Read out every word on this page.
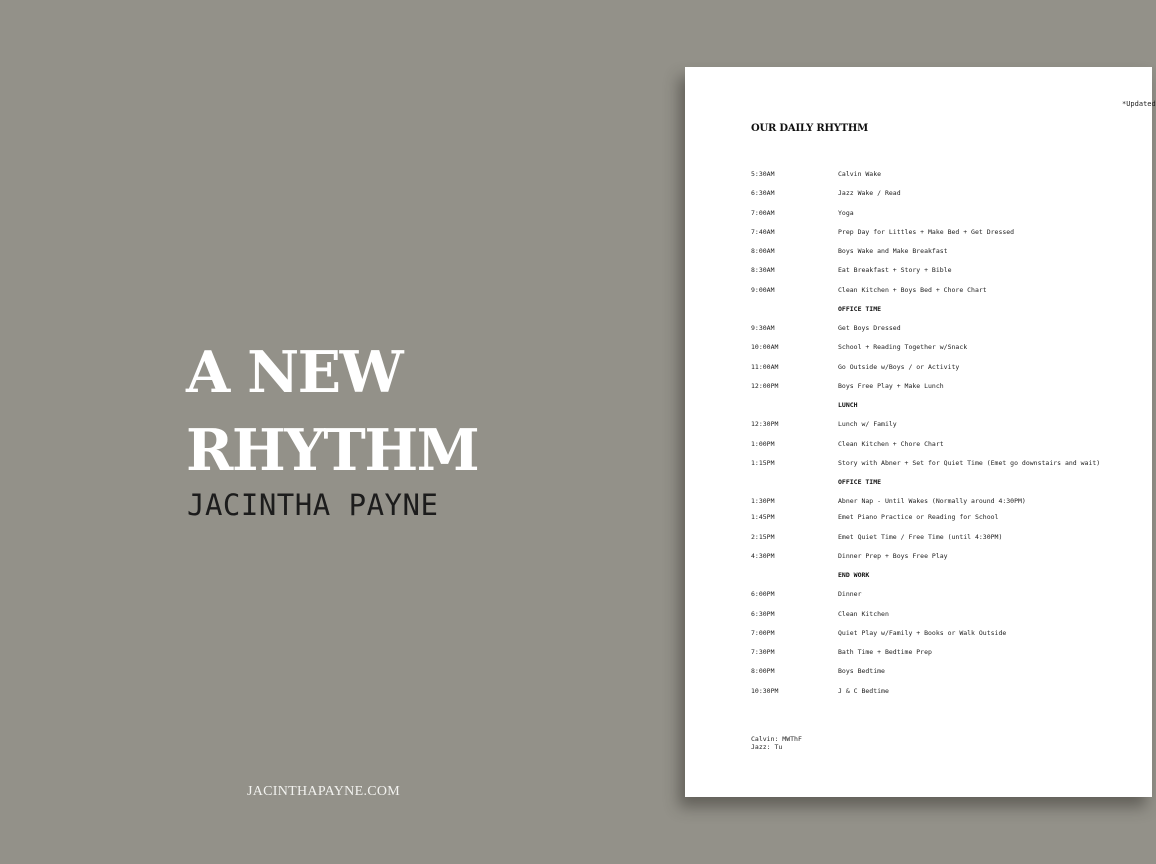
A NEW
RHYTHM
JACINTHA PAYNE
JACINTHAPAYNE.COM
*Updated
OUR DAILY RHYTHM
5:30AM	Calvin Wake
6:30AM	Jazz Wake / Read
7:00AM	Yoga
7:40AM	Prep Day for Littles + Make Bed + Get Dressed
8:00AM	Boys Wake and Make Breakfast
8:30AM	Eat Breakfast + Story + Bible
9:00AM	Clean Kitchen + Boys Bed + Chore Chart
OFFICE TIME
9:30AM	Get Boys Dressed
10:00AM	School + Reading Together w/Snack
11:00AM	Go Outside w/Boys / or Activity
12:00PM	Boys Free Play + Make Lunch
LUNCH
12:30PM	Lunch w/ Family
1:00PM	Clean Kitchen + Chore Chart
1:15PM	Story with Abner + Set for Quiet Time (Emet go downstairs and wait)
OFFICE TIME
1:30PM	Abner Nap - Until Wakes (Normally around 4:30PM)
1:45PM	Emet Piano Practice or Reading for School
2:15PM	Emet Quiet Time / Free Time (until 4:30PM)
4:30PM	Dinner Prep + Boys Free Play
END WORK
6:00PM	Dinner
6:30PM	Clean Kitchen
7:00PM	Quiet Play w/Family + Books or Walk Outside
7:30PM	Bath Time + Bedtime Prep
8:00PM	Boys Bedtime
10:30PM	J & C Bedtime
Calvin: MWThF
Jazz: Tu
